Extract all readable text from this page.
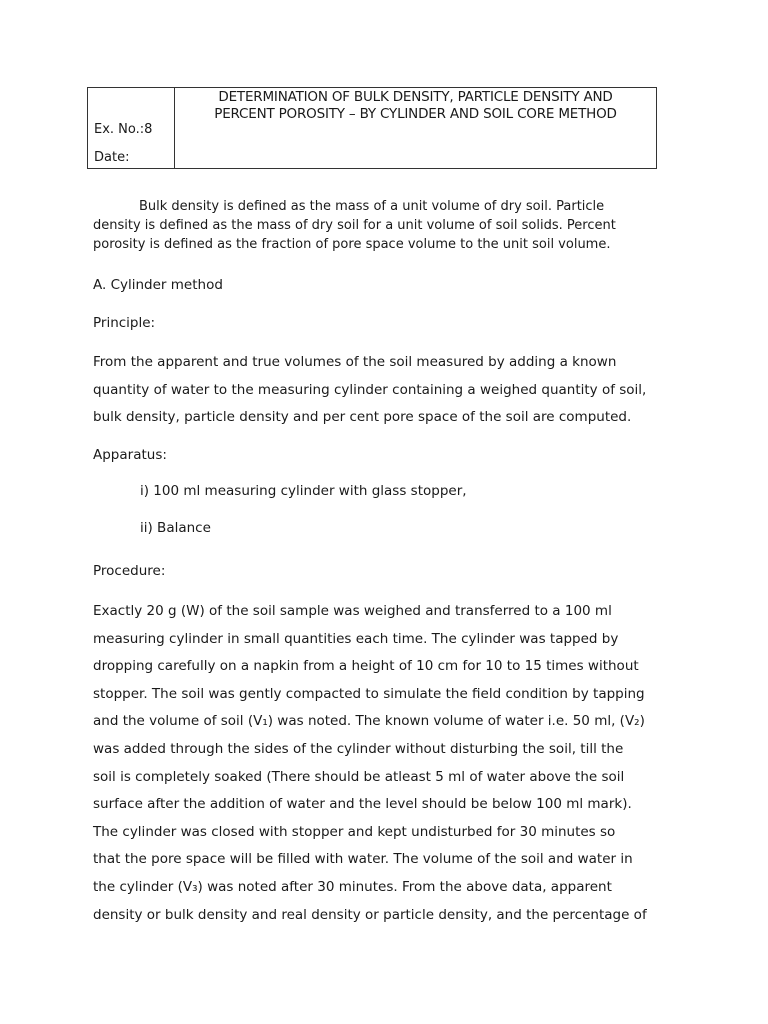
Ex. No.:8
Date:
DETERMINATION OF BULK DENSITY, PARTICLE DENSITY AND
PERCENT POROSITY – BY CYLINDER AND SOIL CORE METHOD

Bulk density is defined as the mass of a unit volume of dry soil. Particle
density is defined as the mass of dry soil for a unit volume of soil solids. Percent
porosity is defined as the fraction of pore space volume to the unit soil volume.

A. Cylinder method

Principle:

From the apparent and true volumes of the soil measured by adding a known
quantity of water to the measuring cylinder containing a weighed quantity of soil,
bulk density, particle density and per cent pore space of the soil are computed.

Apparatus:

i) 100 ml measuring cylinder with glass stopper,

ii) Balance

Procedure:

Exactly 20 g (W) of the soil sample was weighed and transferred to a 100 ml
measuring cylinder in small quantities each time. The cylinder was tapped by
dropping carefully on a napkin from a height of 10 cm for 10 to 15 times without
stopper. The soil was gently compacted to simulate the field condition by tapping
and the volume of soil (V₁) was noted. The known volume of water i.e. 50 ml, (V₂)
was added through the sides of the cylinder without disturbing the soil, till the
soil is completely soaked (There should be atleast 5 ml of water above the soil
surface after the addition of water and the level should be below 100 ml mark).
The cylinder was closed with stopper and kept undisturbed for 30 minutes so
that the pore space will be filled with water. The volume of the soil and water in
the cylinder (V₃) was noted after 30 minutes. From the above data, apparent
density or bulk density and real density or particle density, and the percentage of
